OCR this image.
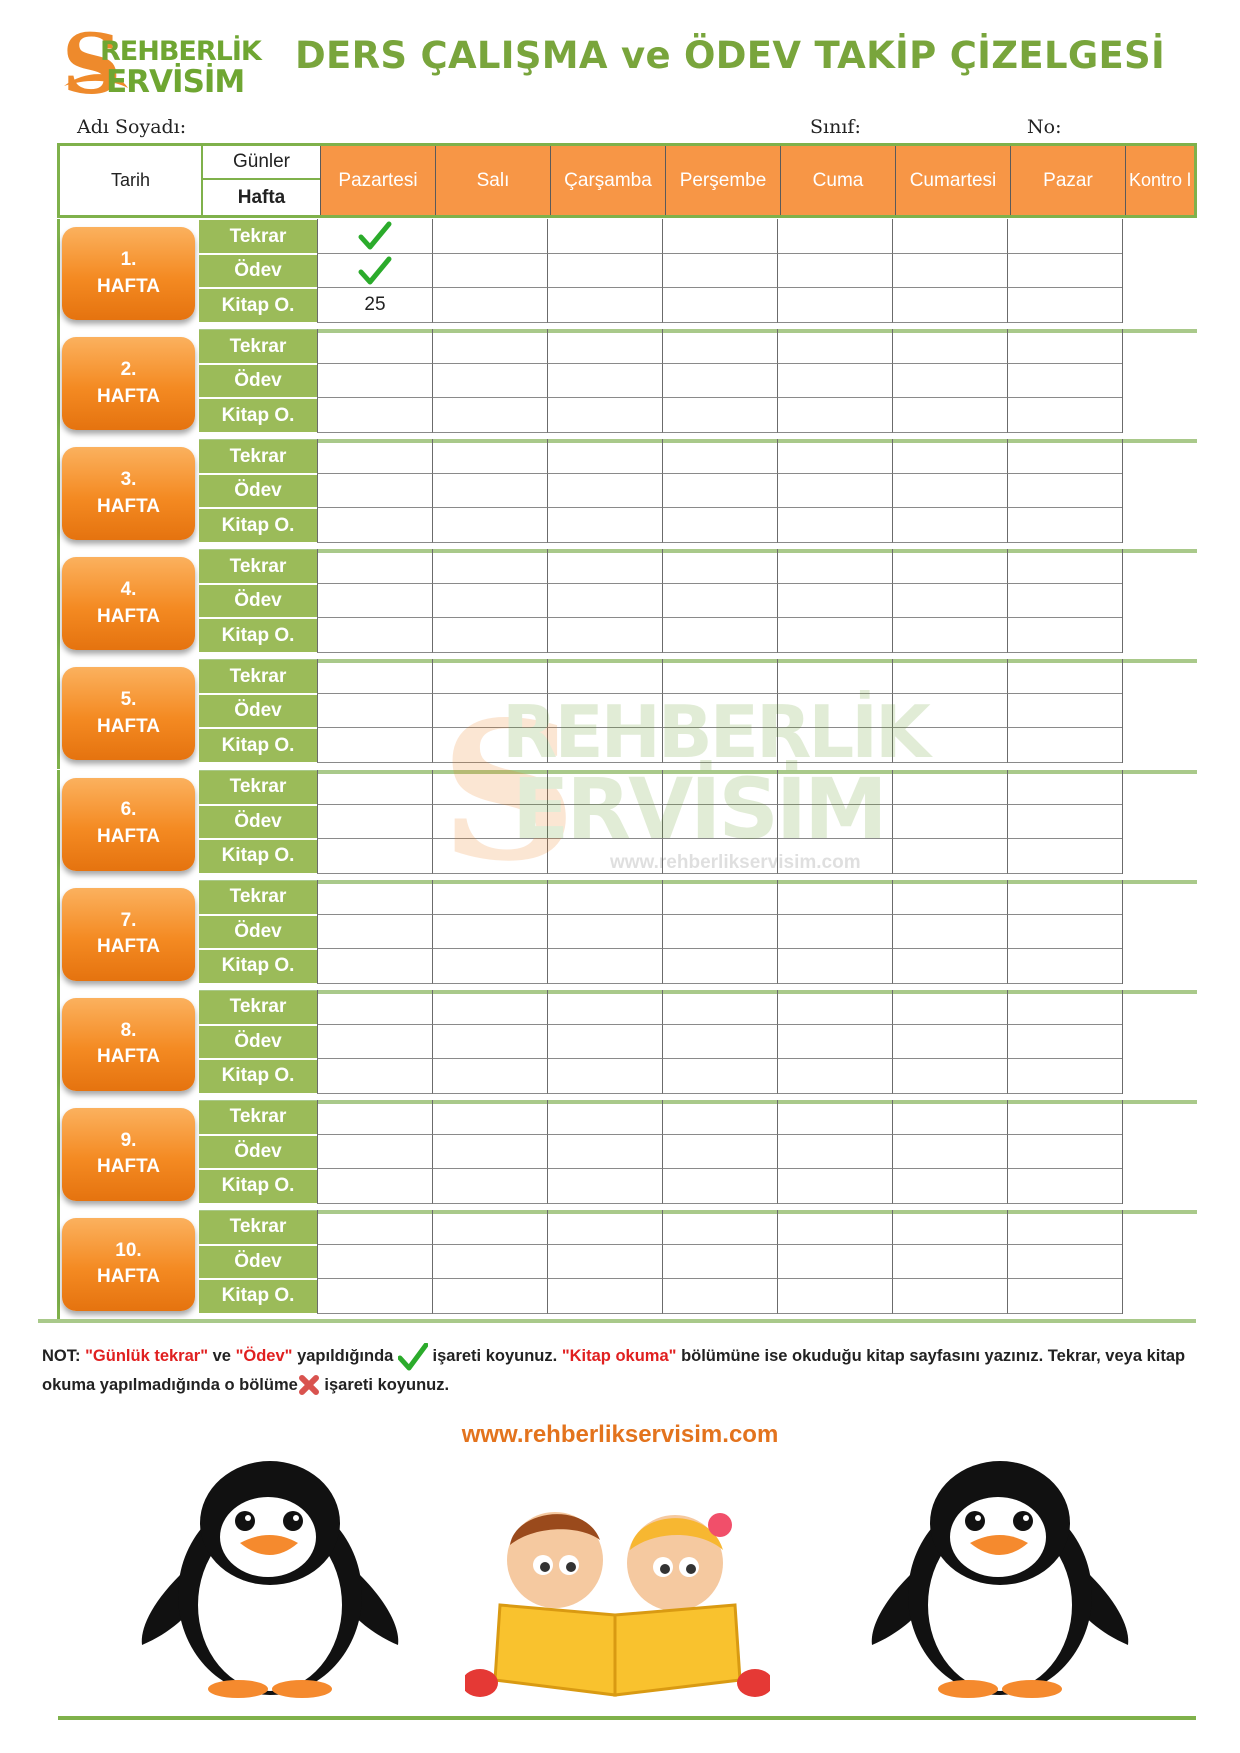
S
REHBERLİK
ERVİSİM
DERS ÇALIŞMA ve ÖDEV TAKİP ÇİZELGESİ
Adı Soyadı:	Sınıf:	No:
Tarih
Günler
Hafta
Pazartesi	Salı	Çarşamba	Perşembe	Cuma	Cumartesi	Pazar	Kontro l
1.
HAFTA
Tekrar
Ödev
Kitap O.	25
2.
HAFTA
Tekrar
Ödev
Kitap O.
3.
HAFTA
Tekrar
Ödev
Kitap O.
4.
HAFTA
Tekrar
Ödev
Kitap O.
5.
HAFTA
Tekrar
Ödev
Kitap O.
6.
HAFTA
Tekrar
Ödev
Kitap O.
7.
HAFTA
Tekrar
Ödev
Kitap O.
8.
HAFTA
Tekrar
Ödev
Kitap O.
9.
HAFTA
Tekrar
Ödev
Kitap O.
10.
HAFTA
Tekrar
Ödev
Kitap O.
S
REHBERLİK
ERVİSİM
www.rehberlikservisim.com
NOT: "Günlük tekrar" ve "Ödev" yapıldığında  işareti koyunuz. "Kitap okuma" bölümüne ise okuduğu kitap sayfasını yazınız. Tekrar, veya kitap okuma yapılmadığında o bölüme işareti koyunuz.
www.rehberlikservisim.com
